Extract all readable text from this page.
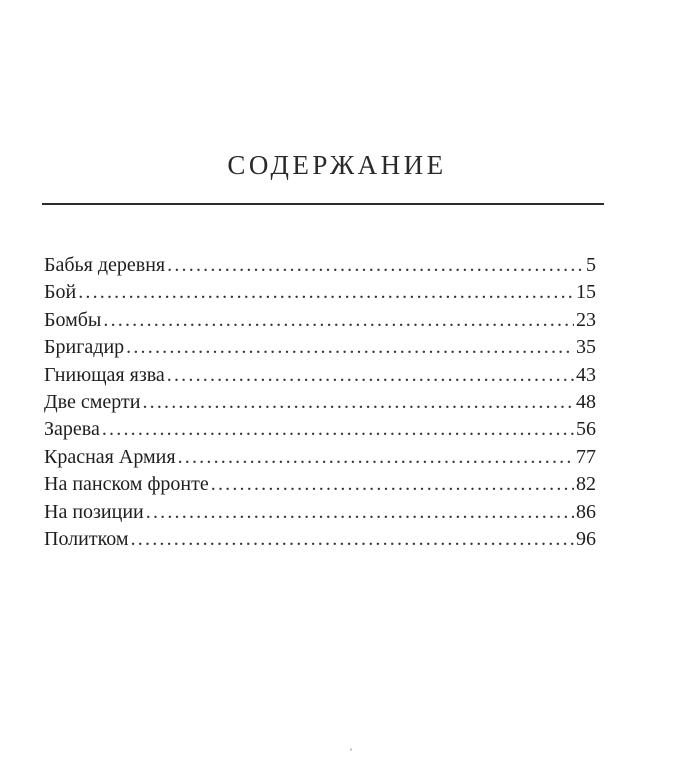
СОДЕРЖАНИЕ
Бабья деревня .....	5
Бой .....	15
Бомбы .....	23
Бригадир .....	35
Гниющая язва .....	43
Две смерти .....	48
Зарева .....	56
Красная Армия .....	77
На панском фронте .....	82
На позиции .....	86
Политком .....	96
